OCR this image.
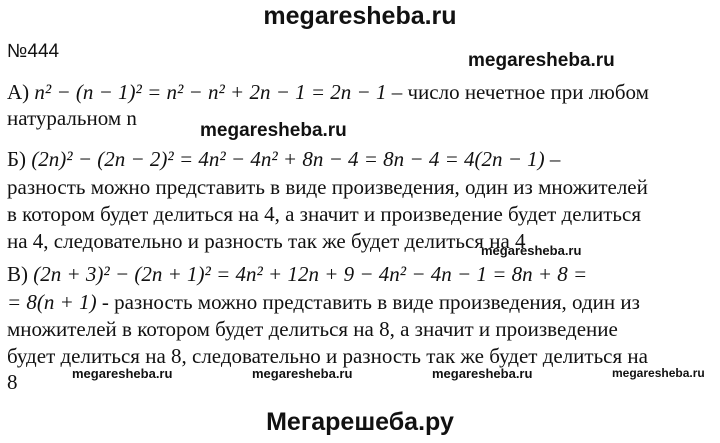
megaresheba.ru
№444	megaresheba.ru
А) n² − (n − 1)² = n² − n² + 2n − 1 = 2n − 1 – число нечетное при любом
натуральном n
megaresheba.ru
Б) (2n)² − (2n − 2)² = 4n² − 4n² + 8n − 4 = 8n − 4 = 4(2n − 1) –
разность можно представить в виде произведения, один из множителей
в котором будет делиться на 4, а значит и произведение будет делиться
на 4, следовательно и разность так же будет делиться на 4
megaresheba.ru
В) (2n + 3)² − (2n + 1)² = 4n² + 12n + 9 − 4n² − 4n − 1 = 8n + 8 =
= 8(n + 1) - разность можно представить в виде произведения, один из
множителей в котором будет делиться на 8, а значит и произведение
будет делиться на 8, следовательно и разность так же будет делиться на
8	megaresheba.ru	megaresheba.ru	megaresheba.ru	megaresheba.ru
Мегарешеба.ру
